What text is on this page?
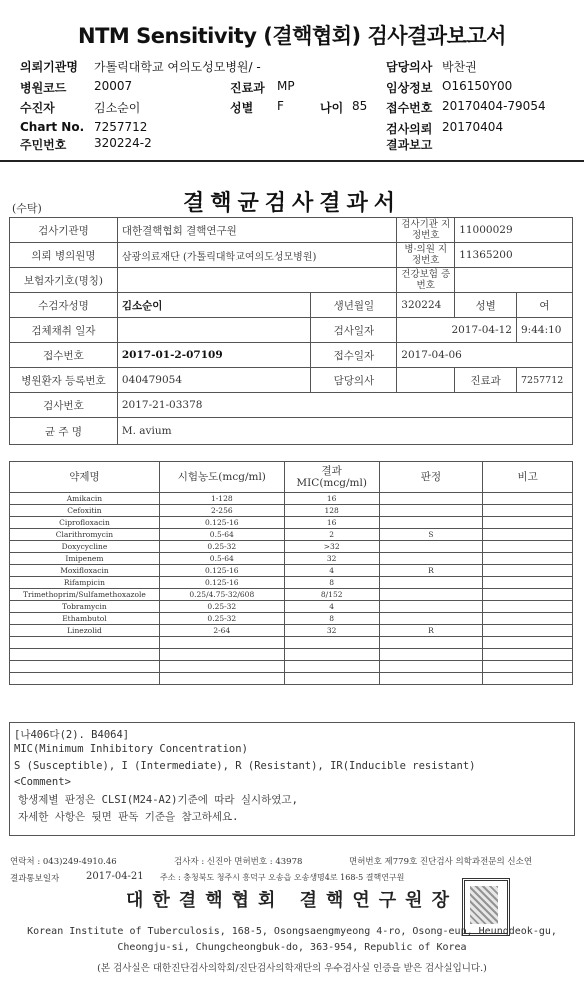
NTM Sensitivity (결핵협회) 검사결과보고서
의뢰기관명 가톨릭대학교 여의도성모병원/ -
병원코드 20007	진료과 MP
수진자	김소순이	성별 F	나이 85
Chart No. 7257712
주민번호 320224-2
담당의사 박찬권
임상정보 O16150Y00
접수번호 20170404-79054
검사의뢰 20170404
결과보고
(수탁)	결핵균검사결과서
검사기관명	대한결핵협회 결핵연구원		검사기관 지정번호	11000029	
의뢰 병의원명	삼광의료재단 (가톨릭대학교여의도성모병원)		병·의원 지정번호	11365200	
보험자기호(명칭)			건강보험 증번호		
수검자성명	김소순이	생년월일	320224	성별	여
검체채취 일자		검사일자	2017-04-12		9:44:10
접수번호	2017-01-2-07109	접수일자	2017-04-06		
병원환자 등록번호	040479054	담당의사		진료과	7257712
검사번호	2017-21-03378				
균 주 명	M. avium				
약제명	시험농도(mcg/ml)	결과 MIC(mcg/ml)	판정	비고
Amikacin	1-128	16		
Cefoxitin	2-256	128		
Ciprofloxacin	0.125-16	16		
Clarithromycin	0.5-64	2	S	
Doxycycline	0.25-32	>32		
Imipenem	0.5-64	32		
Moxifloxacin	0.125-16	4	R	
Rifampicin	0.125-16	8		
Trimethoprim/Sulfamethoxazole	0.25/4.75-32/608	8/152		
Tobramycin	0.25-32	4		
Ethambutol	0.25-32	8		
Linezolid	2-64	32	R	

[나406다(2). B4064]
MIC(Minimum Inhibitory Concentration)
S (Susceptible), I (Intermediate), R (Resistant), IR(Inducible resistant)
<Comment>
항생제별 판정은 CLSI(M24-A2)기준에 따라 실시하였고,
자세한 사항은 뒷면 판독 기준을 참고하세요.
연락처 : 043)249-4910.46	검사자 : 신진아 면허번호 : 43978	면허번호 제779호 진단검사 의학과전문의 신소연
결과통보일자	2017-04-21 주소 : 충청북도 청주시 흥덕구 오송읍 오송생명4로 168-5 결핵연구원
대한결핵협회 결핵연구원장
Korean Institute of Tuberculosis, 168-5, Osongsaengmyeong 4-ro, Osong-eup, Heungdeok-gu,
Cheongju-si, Chungcheongbuk-do, 363-954, Republic of Korea
(본 검사실은 대한진단검사의학회/진단검사의학재단의 우수검사실 인증을 받은 검사실입니다.)
